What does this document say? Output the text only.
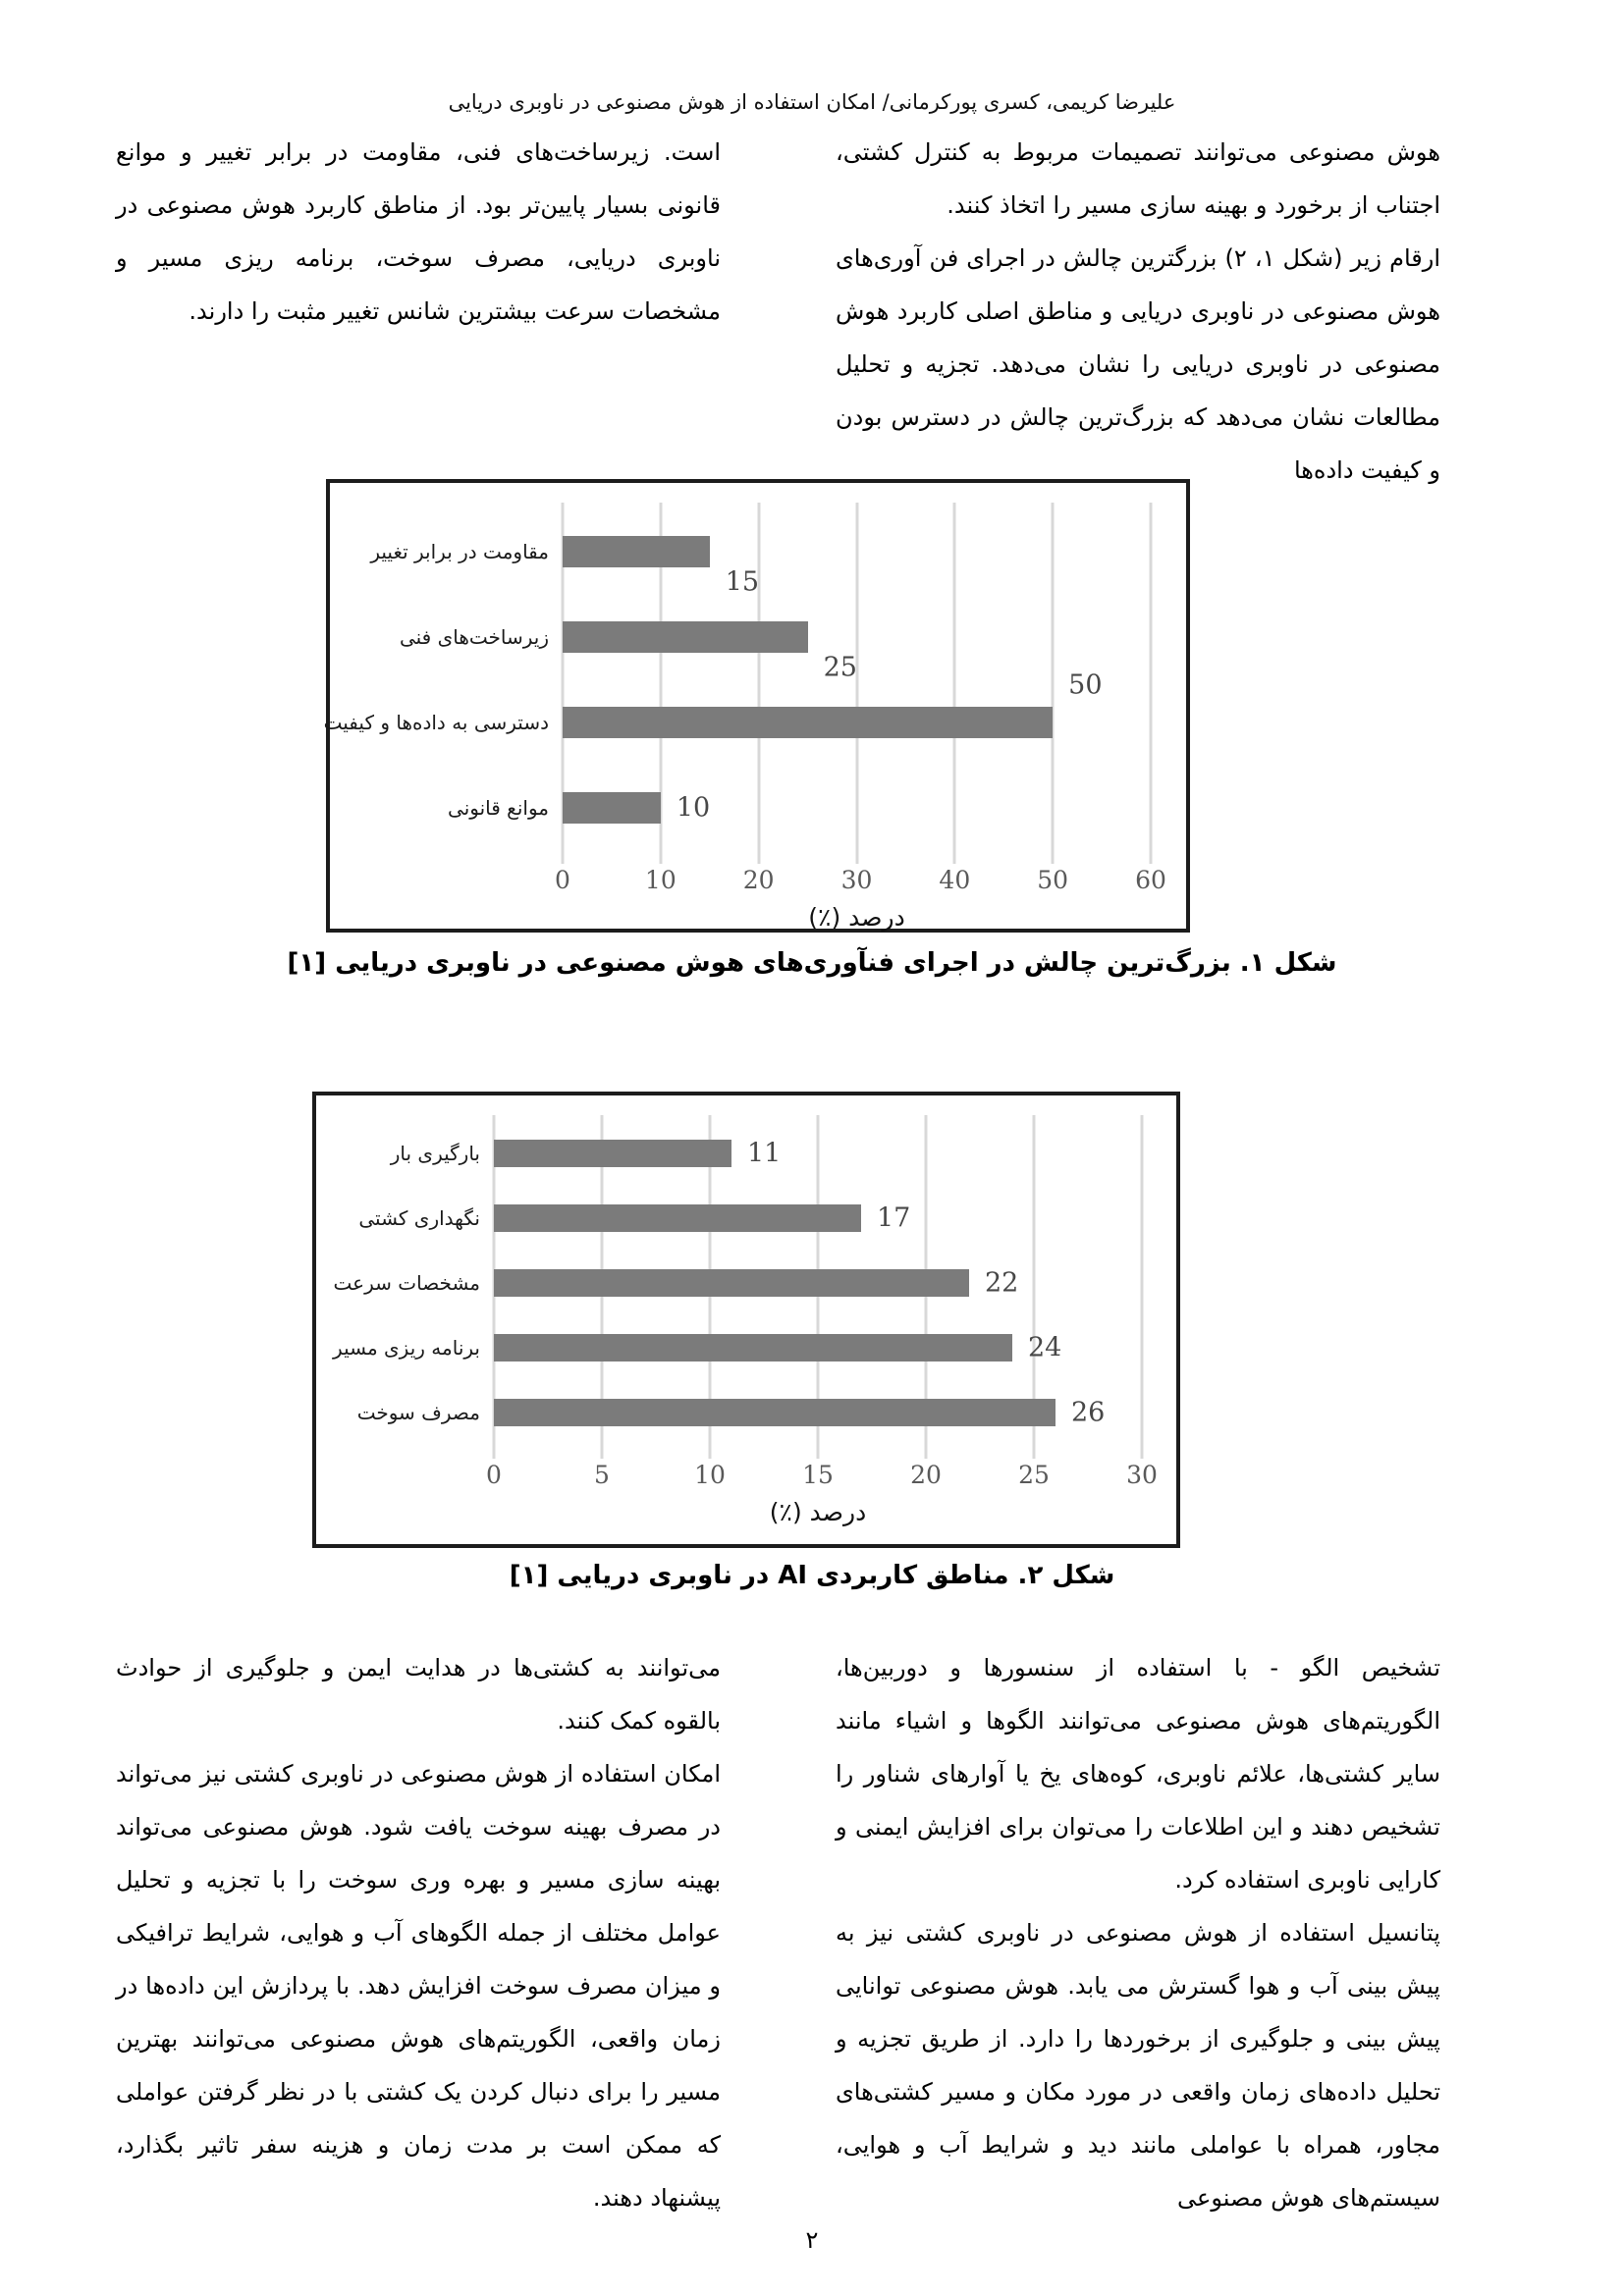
علیرضا کریمی، کسری پورکرمانی/ امکان استفاده از هوش مصنوعی در ناوبری دریایی

هوش مصنوعی می‌توانند تصمیمات مربوط به کنترل کشتی، اجتناب از برخورد و بهینه سازی مسیر را اتخاذ کنند.

ارقام زیر (شکل ۱، ۲) بزرگترین چالش در اجرای فن آوری‌های هوش مصنوعی در ناوبری دریایی و مناطق اصلی کاربرد هوش مصنوعی در ناوبری دریایی را نشان می‌دهد. تجزیه و تحلیل مطالعات نشان می‌دهد که بزرگ‌ترین چالش در دسترس بودن و کیفیت داده‌ها

است. زیرساخت‌های فنی، مقاومت در برابر تغییر و موانع قانونی بسیار پایین‌تر بود. از مناطق کاربرد هوش مصنوعی در ناوبری دریایی، مصرف سوخت، برنامه ریزی مسیر و مشخصات سرعت بیشترین شانس تغییر مثبت را دارند.

مقاومت در برابر تغییر
15
زیرساخت‌های فنی
25
دسترسی به داده‌ها و کیفیت
50
موانع قانونی	10
0	10	20	30	40	50	60
درصد (٪)
شکل ۱. بزرگ‌ترین چالش در اجرای فنآوری‌های هوش مصنوعی در ناوبری دریایی [۱]
بارگیری بار	11
نگهداری کشتی	17
مشخصات سرعت	22
برنامه ریزی مسیر	24
مصرف سوخت	26
0	5	10	15	20	25	30
درصد (٪)
شکل ۲. مناطق کاربردی AI در ناوبری دریایی [۱]

تشخیص الگو - با استفاده از سنسورها و دوربین‌ها، الگوریتم‌های هوش مصنوعی می‌توانند الگوها و اشیاء مانند سایر کشتی‌ها، علائم ناوبری، کوه‌های یخ یا آوارهای شناور را تشخیص دهند و این اطلاعات را می‌توان برای افزایش ایمنی و کارایی ناوبری استفاده کرد.

پتانسیل استفاده از هوش مصنوعی در ناوبری کشتی نیز به پیش بینی آب و هوا گسترش می یابد. هوش مصنوعی توانایی پیش بینی و جلوگیری از برخوردها را دارد. از طریق تجزیه و تحلیل داده‌های زمان واقعی در مورد مکان و مسیر کشتی‌های مجاور، همراه با عواملی مانند دید و شرایط آب و هوایی، سیستم‌های هوش مصنوعی

می‌توانند به کشتی‌ها در هدایت ایمن و جلوگیری از حوادث بالقوه کمک کنند.

امکان استفاده از هوش مصنوعی در ناوبری کشتی نیز می‌تواند در مصرف بهینه سوخت یافت شود. هوش مصنوعی می‌تواند بهینه سازی مسیر و بهره وری سوخت را با تجزیه و تحلیل عوامل مختلف از جمله الگوهای آب و هوایی، شرایط ترافیکی و میزان مصرف سوخت افزایش دهد. با پردازش این داده‌ها در زمان واقعی، الگوریتم‌های هوش مصنوعی می‌توانند بهترین مسیر را برای دنبال کردن یک کشتی با در نظر گرفتن عواملی که ممکن است بر مدت زمان و هزینه سفر تاثیر بگذارد، پیشنهاد دهند.

۲
